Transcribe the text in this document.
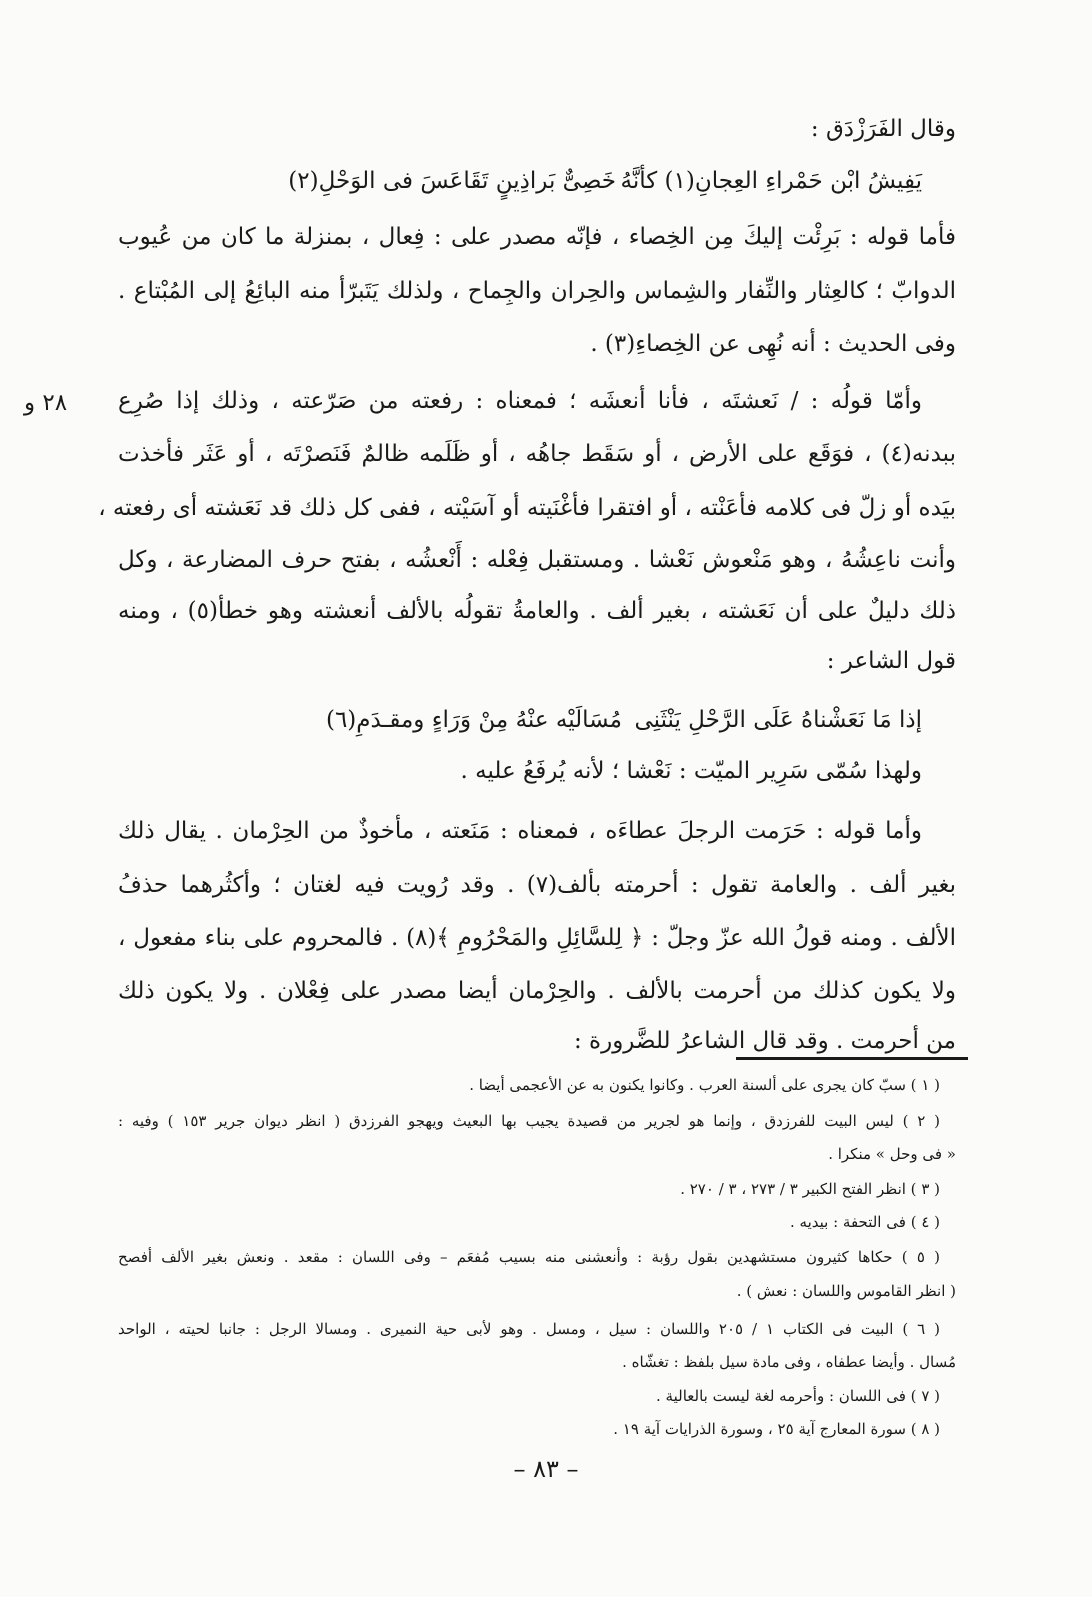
وقال الفَرَزْدَق :
يَفِيشُ ابْن حَمْراءِ العِجانِ(١) كأنَّهُ
خَصِىٌّ بَراذِينٍ تَقَاعَسَ فى الوَحْلِ(٢)
فأما قوله : بَرِئْت إليكَ مِن الخِصاء ، فإنّه مصدر على : فِعال ، بمنزلة ما كان من عُيوب
الدوابّ ؛ كالعِثار والنِّفار والشِماس والحِران والجِماح ، ولذلك يَتَبرّأ منه البائِعُ إلى المُبْتاع .
وفى الحديث : أنه نُهِى عن الخِصاءِ(٣) .
وأمّا قولُه : / نَعشتَه ، فأنا أنعشَه ؛ فمعناه : رفعته من صَرّعته ، وذلك إذا صُرِع
٢٨ و
ببدنه(٤) ، فوَقَع على الأرض ، أو سَقَط جاهُه ، أو ظَلَمه ظالمٌ فَنَصرْتَه ، أو عَثَر فأخذت
بيَده أو زلّ فى كلامه فأعَنْته ، أو افتقرا فأغْنَيته أو آسَيْته ، ففى كل ذلك قد نَعَشته أى رفعته ،
وأنت ناعِشُهُ ، وهو مَنْعوش نَعْشا . ومستقبل فِعْله : أَنْعشُه ، بفتح حرف المضارعة ، وكل
ذلك دليلٌ على أن نَعَشته ، بغير ألف . والعامةُ تقولُه بالألف أنعشته وهو خطأ(٥) ، ومنه
قول الشاعر :
إذا مَا نَعَشْناهُ عَلَى الرَّحْلِ يَنْثَنِى
مُسَالَيْه عنْهُ مِنْ وَرَاءٍ ومقـدَمِ(٦)
ولهذا سُمّى سَرِير الميّت : نَعْشا ؛ لأنه يُرفَعُ عليه .
وأما قوله : حَرَمت الرجلَ عطاءَه ، فمعناه : مَنَعته ، مأخوذٌ من الحِرْمان . يقال ذلك
بغير ألف . والعامة تقول : أحرمته بألف(٧) . وقد رُويت فيه لغتان ؛ وأكثُرهما حذفُ
الألف . ومنه قولُ الله عزّ وجلّ : ﴿ لِلسَّائِلِ والمَحْرُومِ ﴾(٨) . فالمحروم على بناء مفعول ،
ولا يكون كذلك من أحرمت بالألف . والحِرْمان أيضا مصدر على فِعْلان . ولا يكون ذلك
من أحرمت . وقد قال الشاعرُ للضَّرورة :
( ١ ) سبّ كان يجرى على ألسنة العرب . وكانوا يكنون به عن الأعجمى أيضا .
( ٢ ) ليس البيت للفرزدق ، وإنما هو لجرير من قصيدة يجيب بها البعيث ويهجو الفرزدق ( انظر ديوان جرير ١٥٣ ) وفيه :
« فى وحل » منكرا .
( ٣ ) انظر الفتح الكبير ٣ / ٢٧٣ ، ٣ / ٢٧٠ .
( ٤ ) فى التحفة : بيديه .
( ٥ ) حكاها كثيرون مستشهدين بقول رؤبة : وأنعشنى منه بسيب مُفعَم – وفى اللسان : مقعد . ونعش بغير الألف أفصح
( انظر القاموس واللسان : نعش ) .
( ٦ ) البيت فى الكتاب ١ / ٢٠٥ واللسان : سيل ، ومسل . وهو لأبى حية النميرى . ومسالا الرجل : جانبا لحيته ، الواحد
مُسال . وأيضا عطفاه ، وفى مادة سيل بلفظ : تغشّاه .
( ٧ ) فى اللسان : وأحرمه لغة ليست بالعالية .
( ٨ ) سورة المعارج آية ٢٥ ، وسورة الذرايات آية ١٩ .
– ٨٣ –
